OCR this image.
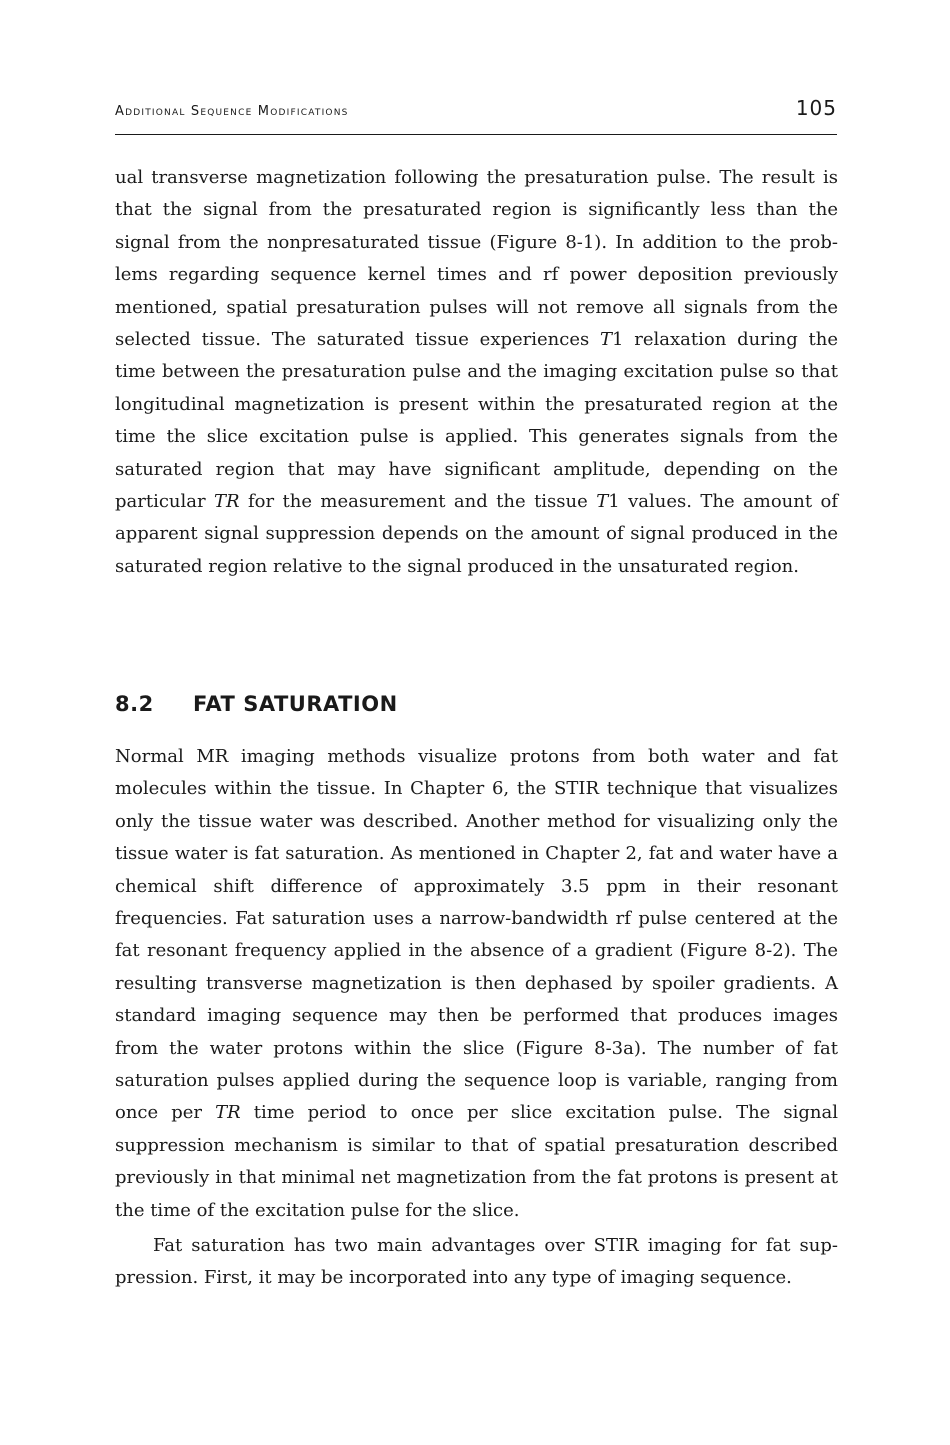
Additional Sequence Modifications	105

ual transverse magnetization following the presaturation pulse. The result is that the signal from the presaturated region is significantly less than the signal from the nonpresaturated tissue (Figure 8-1). In addition to the problems regarding sequence kernel times and rf power deposition previously mentioned, spatial presaturation pulses will not remove all signals from the selected tissue. The saturated tissue experiences T1 relaxation during the time between the presaturation pulse and the imaging excitation pulse so that longitudinal magnetization is present within the presaturated region at the time the slice excitation pulse is applied. This generates signals from the saturated region that may have significant amplitude, depending on the particular TR for the measurement and the tissue T1 values. The amount of apparent signal suppression depends on the amount of signal produced in the saturated region relative to the signal produced in the unsaturated region.

8.2 FAT SATURATION

Normal MR imaging methods visualize protons from both water and fat molecules within the tissue. In Chapter 6, the STIR technique that visualizes only the tissue water was described. Another method for visualizing only the tissue water is fat saturation. As mentioned in Chapter 2, fat and water have a chemical shift difference of approximately 3.5 ppm in their resonant frequencies. Fat saturation uses a narrow-bandwidth rf pulse centered at the fat resonant frequency applied in the absence of a gradient (Figure 8-2). The resulting transverse magnetization is then dephased by spoiler gradients. A standard imaging sequence may then be performed that produces images from the water protons within the slice (Figure 8-3a). The number of fat saturation pulses applied during the sequence loop is variable, ranging from once per TR time period to once per slice excitation pulse. The signal suppression mechanism is similar to that of spatial presaturation described previously in that minimal net magnetization from the fat protons is present at the time of the excitation pulse for the slice.

Fat saturation has two main advantages over STIR imaging for fat suppression. First, it may be incorporated into any type of imaging sequence.
